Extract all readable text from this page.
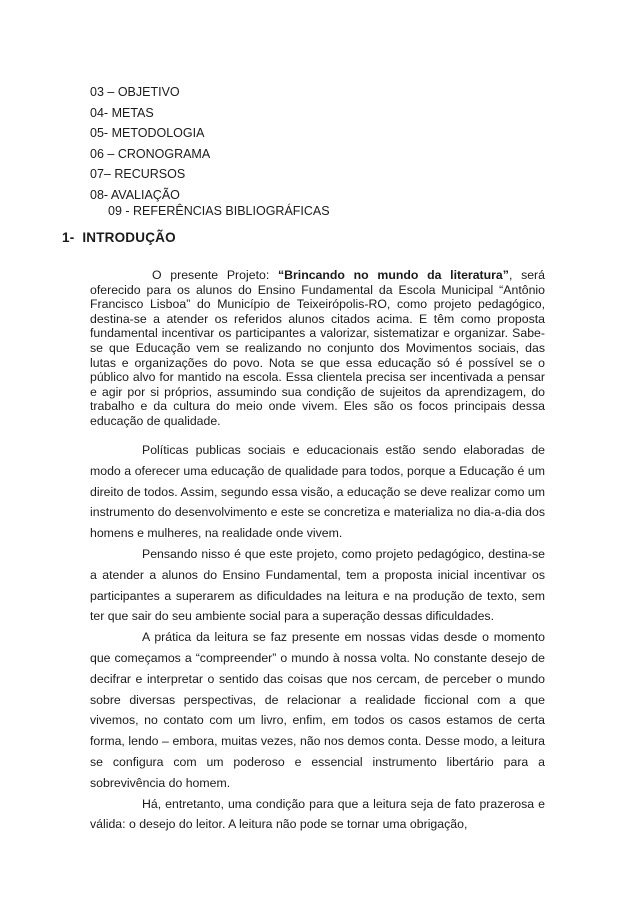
03 – OBJETIVO
04- METAS
05- METODOLOGIA
06 – CRONOGRAMA
07– RECURSOS
08- AVALIAÇÃO
09 - REFERÊNCIAS BIBLIOGRÁFICAS
1- INTRODUÇÃO

O presente Projeto: “Brincando no mundo da literatura”, será oferecido para os alunos do Ensino Fundamental da Escola Municipal “Antônio Francisco Lisboa” do Município de Teixeirópolis-RO, como projeto pedagógico, destina-se a atender os referidos alunos citados acima. E têm como proposta fundamental incentivar os participantes a valorizar, sistematizar e organizar. Sabe-se que Educação vem se realizando no conjunto dos Movimentos sociais, das lutas e organizações do povo. Nota se que essa educação só é possível se o público alvo for mantido na escola. Essa clientela precisa ser incentivada a pensar e agir por si próprios, assumindo sua condição de sujeitos da aprendizagem, do trabalho e da cultura do meio onde vivem. Eles são os focos principais dessa educação de qualidade.

Políticas publicas sociais e educacionais estão sendo elaboradas de modo a oferecer uma educação de qualidade para todos, porque a Educação é um direito de todos. Assim, segundo essa visão, a educação se deve realizar como um instrumento do desenvolvimento e este se concretiza e materializa no dia-a-dia dos homens e mulheres, na realidade onde vivem.

Pensando nisso é que este projeto, como projeto pedagógico, destina-se a atender a alunos do Ensino Fundamental, tem a proposta inicial incentivar os participantes a superarem as dificuldades na leitura e na produção de texto, sem ter que sair do seu ambiente social para a superação dessas dificuldades.

A prática da leitura se faz presente em nossas vidas desde o momento que começamos a “compreender” o mundo à nossa volta. No constante desejo de decifrar e interpretar o sentido das coisas que nos cercam, de perceber o mundo sobre diversas perspectivas, de relacionar a realidade ficcional com a que vivemos, no contato com um livro, enfim, em todos os casos estamos de certa forma, lendo – embora, muitas vezes, não nos demos conta. Desse modo, a leitura se configura com um poderoso e essencial instrumento libertário para a sobrevivência do homem.

Há, entretanto, uma condição para que a leitura seja de fato prazerosa e válida: o desejo do leitor. A leitura não pode se tornar uma obrigação,
